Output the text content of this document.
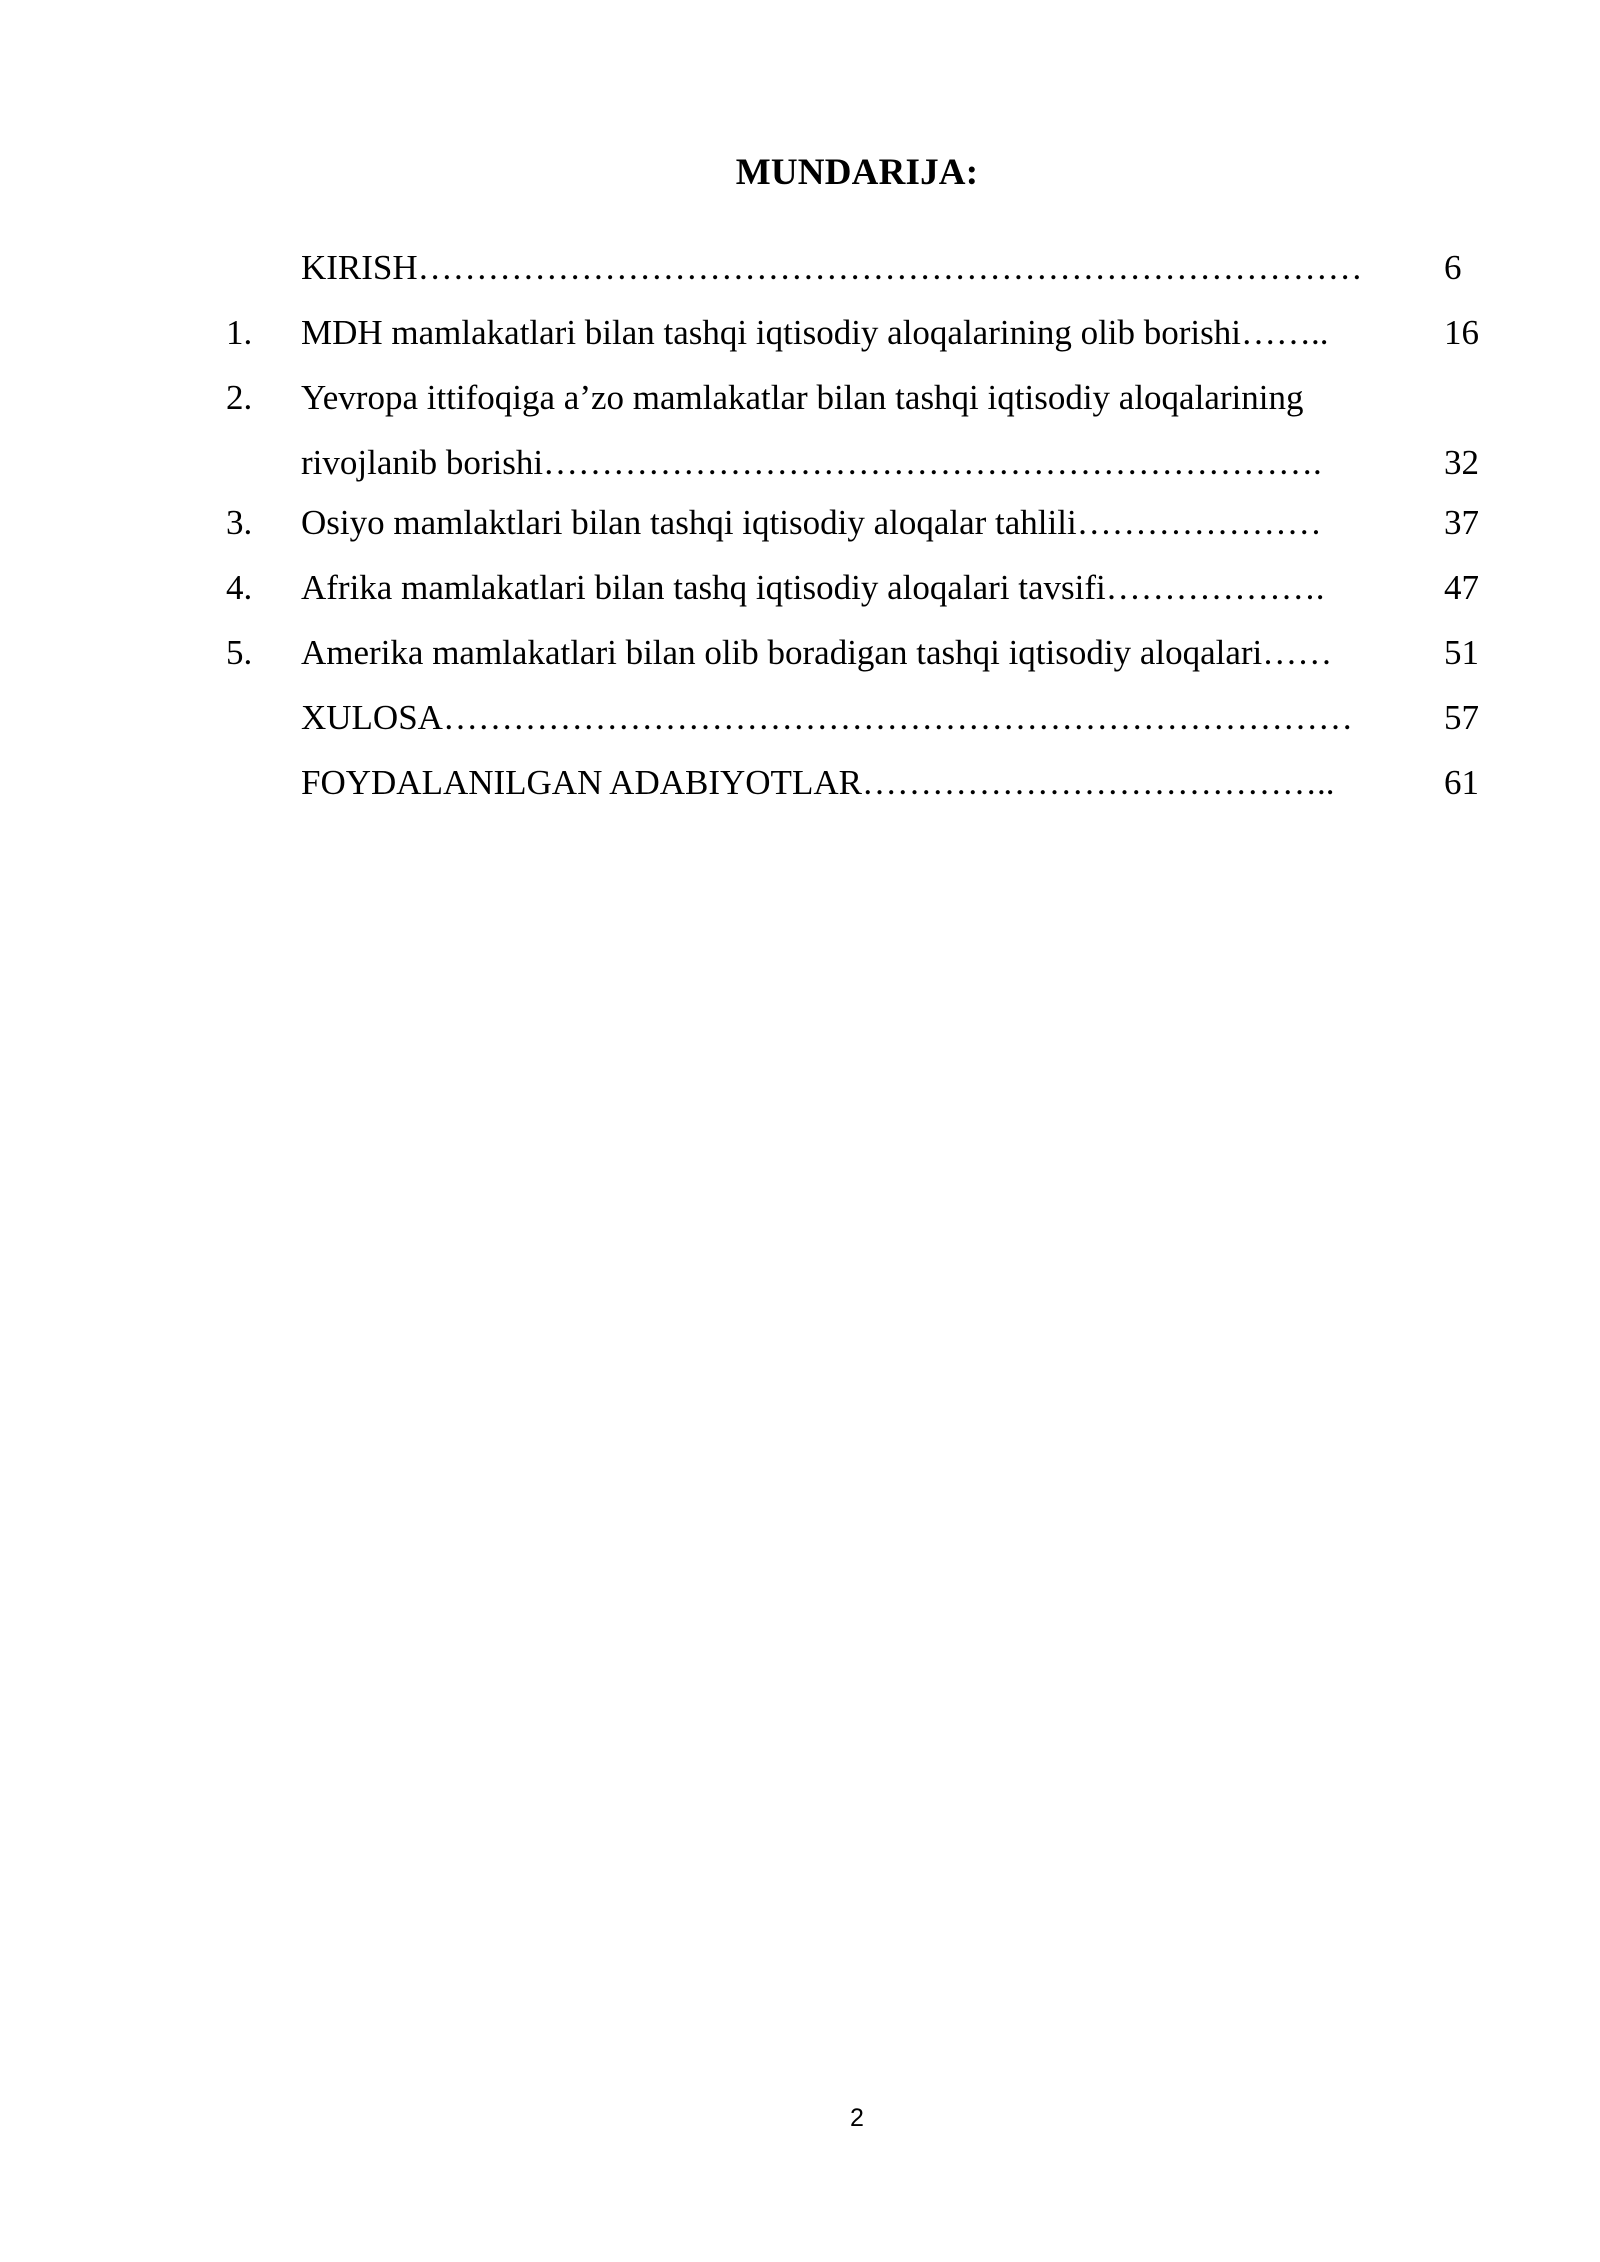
MUNDARIJA:
KIRISH………………………………………………………………………	6
1.	MDH mamlakatlari bilan tashqi iqtisodiy aloqalarining olib borishi……..	16
2.	Yevropa ittifoqiga a’zo mamlakatlar bilan tashqi iqtisodiy aloqalarining
rivojlanib borishi………………………………………………………….	32
3.	Osiyo mamlaktlari bilan tashqi iqtisodiy aloqalar tahlili…………………	37
4.	Afrika mamlakatlari bilan tashq iqtisodiy aloqalari tavsifi……………….	47
5.	Amerika mamlakatlari bilan olib boradigan tashqi iqtisodiy aloqalari……	51
XULOSA……………………………………………………………………	57
FOYDALANILGAN ADABIYOTLAR…………………………………..	61
2
